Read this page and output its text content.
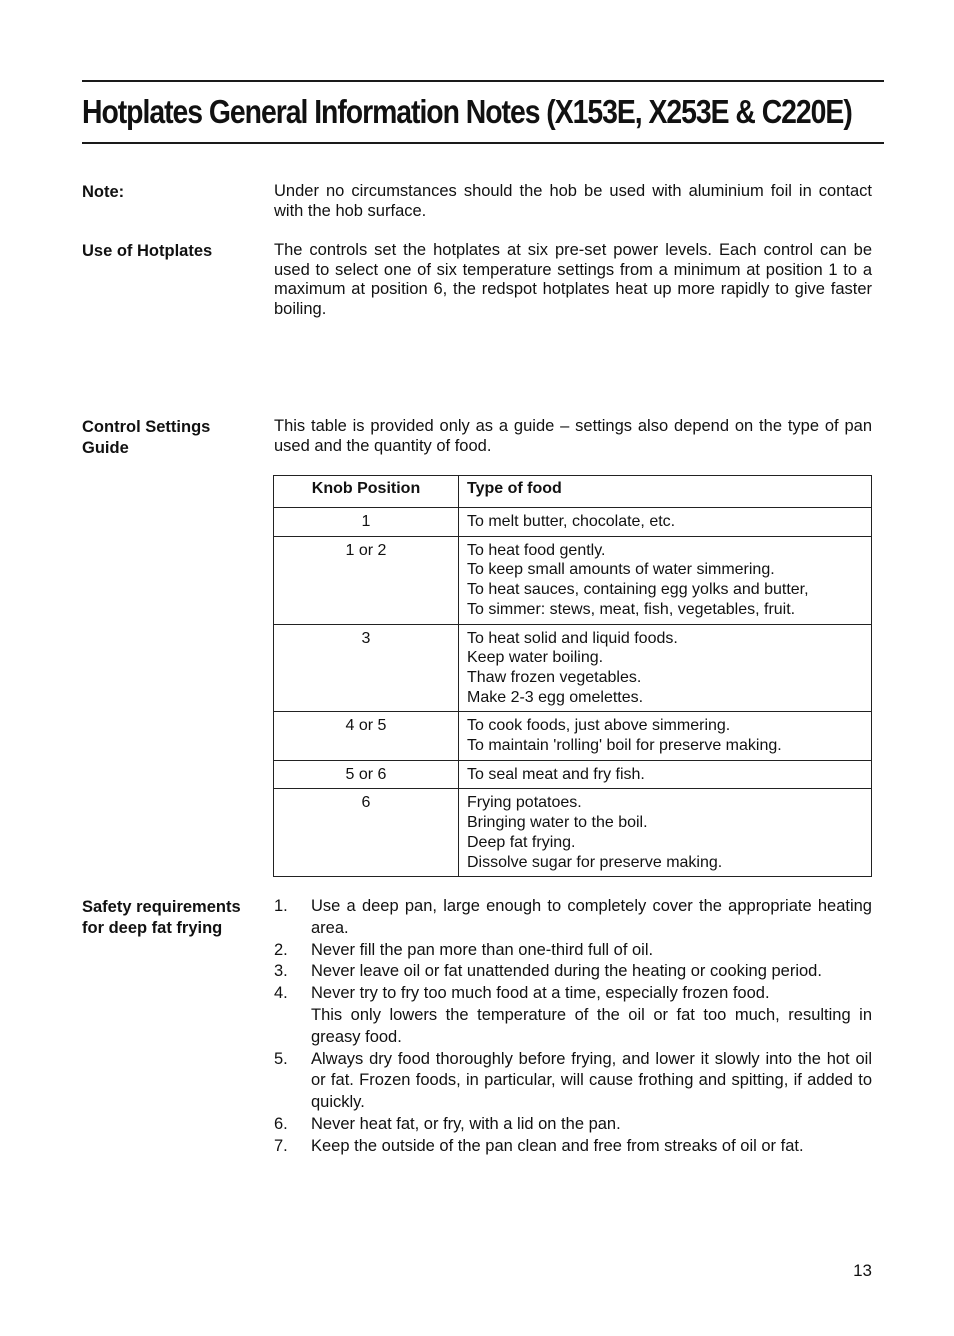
Hotplates General Information Notes (X153E, X253E & C220E)

Note:	Under no circumstances should the hob be used with aluminium foil in contact with the hob surface.

Use of Hotplates	The controls set the hotplates at six pre-set power levels. Each control can be used to select one of six temperature settings from a minimum at position 1 to a maximum at position 6, the redspot hotplates heat up more rapidly to give faster boiling.

Control Settings Guide

This table is provided only as a guide – settings also depend on the type of pan used and the quantity of food.

Knob Position	Type of food
1	To melt butter, chocolate, etc.

1 or 2	To heat food gently.
To keep small amounts of water simmering.
To heat sauces, containing egg yolks and butter,
To simmer: stews, meat, fish, vegetables, fruit.

3	To heat solid and liquid foods.
Keep water boiling.
Thaw frozen vegetables.
Make 2-3 egg omelettes.

4 or 5	To cook foods, just above simmering.
To maintain 'rolling' boil for preserve making.

5 or 6	To seal meat and fry fish.

6	Frying potatoes.
Bringing water to the boil.
Deep fat frying.
Dissolve sugar for preserve making.

Safety requirements for deep fat frying

1. Use a deep pan, large enough to completely cover the appropriate heating area.
2. Never fill the pan more than one-third full of oil.
3. Never leave oil or fat unattended during the heating or cooking period.
4. Never try to fry too much food at a time, especially frozen food.
This only lowers the temperature of the oil or fat too much, resulting in greasy food.
5. Always dry food thoroughly before frying, and lower it slowly into the hot oil or fat. Frozen foods, in particular, will cause frothing and spitting, if added to quickly.
6. Never heat fat, or fry, with a lid on the pan.
7. Keep the outside of the pan clean and free from streaks of oil or fat.

13
